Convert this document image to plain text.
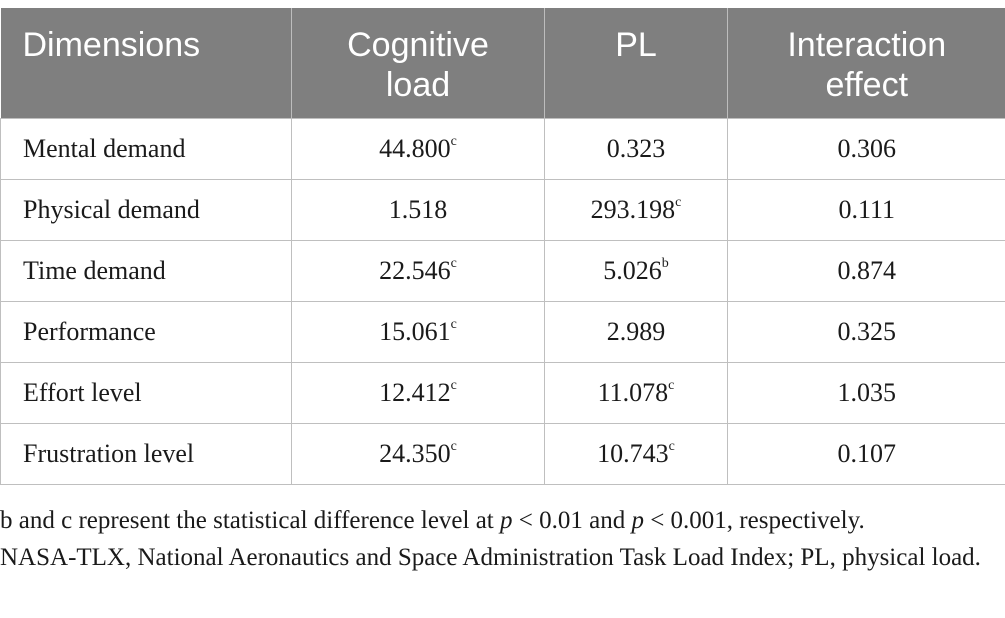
Dimensions	Cognitive load	PL	Interaction effect
Mental demand	44.800$^c$	0.323	0.306
Physical demand	1.518	293.198$^c$	0.111
Time demand	22.546$^c$	5.026$^b$	0.874
Performance	15.061$^c$	2.989	0.325
Effort level	12.412$^c$	11.078$^c$	1.035
Frustration level	24.350$^c$	10.743$^c$	0.107

b and c represent the statistical difference level at p < 0.01 and p < 0.001, respectively.

NASA-TLX, National Aeronautics and Space Administration Task Load Index; PL, physical load.
